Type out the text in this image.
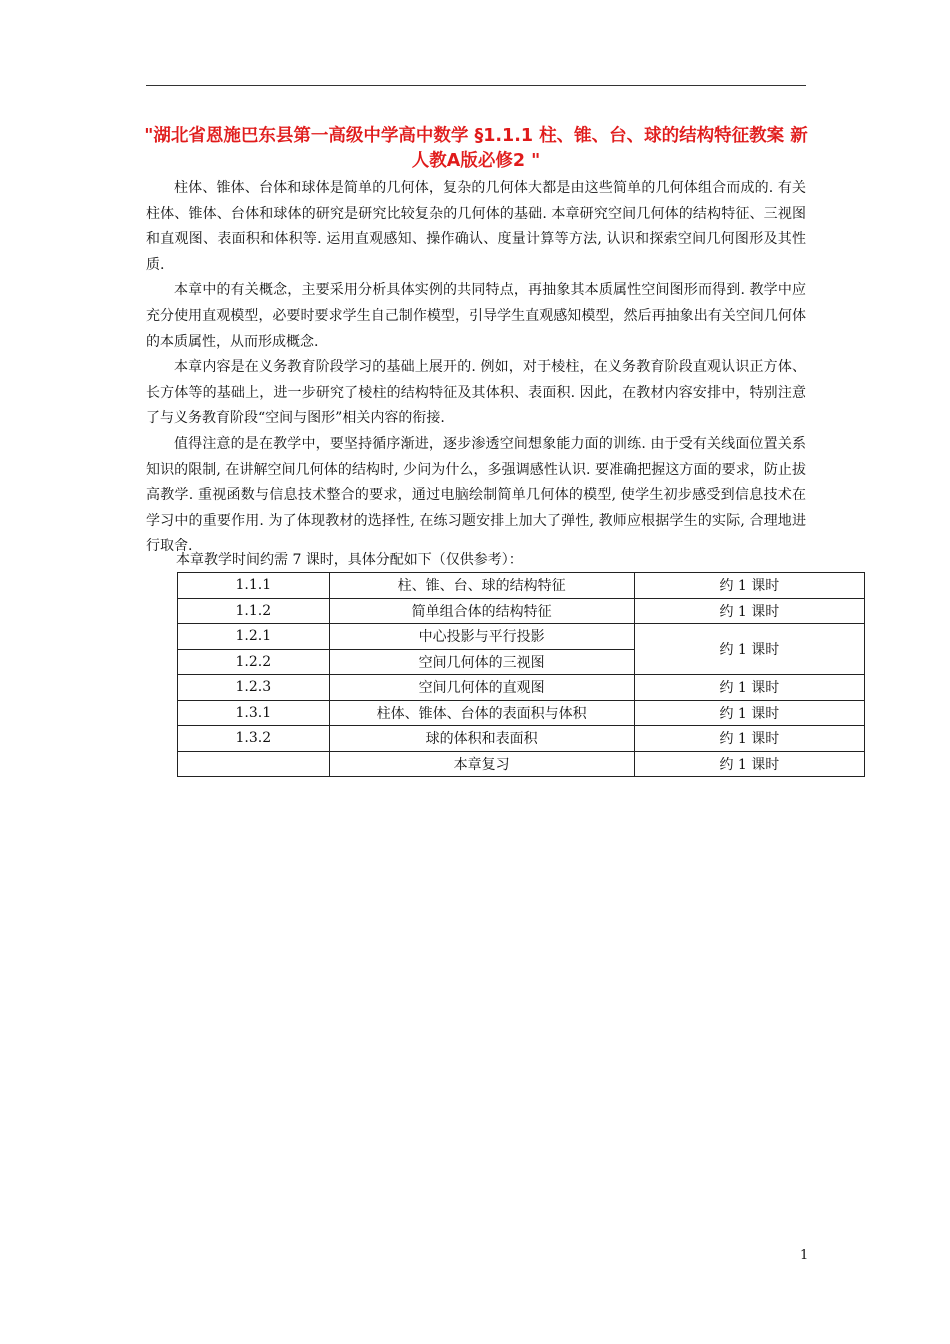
"湖北省恩施巴东县第一高级中学高中数学 §1.1.1 柱、锥、台、球的结构特征教案 新人教A版必修2 "

柱体、锥体、台体和球体是简单的几何体，复杂的几何体大都是由这些简单的几何体组合而成的. 有关柱体、锥体、台体和球体的研究是研究比较复杂的几何体的基础. 本章研究空间几何体的结构特征、三视图和直观图、表面积和体积等. 运用直观感知、操作确认、度量计算等方法, 认识和探索空间几何图形及其性质.

本章中的有关概念，主要采用分析具体实例的共同特点，再抽象其本质属性空间图形而得到. 教学中应充分使用直观模型，必要时要求学生自己制作模型，引导学生直观感知模型，然后再抽象出有关空间几何体的本质属性，从而形成概念.

本章内容是在义务教育阶段学习的基础上展开的. 例如，对于棱柱，在义务教育阶段直观认识正方体、长方体等的基础上，进一步研究了棱柱的结构特征及其体积、表面积. 因此，在教材内容安排中，特别注意了与义务教育阶段“空间与图形”相关内容的衔接.

值得注意的是在教学中，要坚持循序渐进，逐步渗透空间想象能力面的训练. 由于受有关线面位置关系知识的限制, 在讲解空间几何体的结构时, 少问为什么，多强调感性认识. 要准确把握这方面的要求，防止拔高教学. 重视函数与信息技术整合的要求，通过电脑绘制简单几何体的模型, 使学生初步感受到信息技术在学习中的重要作用. 为了体现教材的选择性, 在练习题安排上加大了弹性, 教师应根据学生的实际, 合理地进行取舍.

本章教学时间约需 7 课时，具体分配如下（仅供参考）：
1.1.1	柱、锥、台、球的结构特征	约 1 课时
1.1.2	简单组合体的结构特征	约 1 课时
1.2.1	中心投影与平行投影	约 1 课时
1.2.2	空间几何体的三视图	
1.2.3	空间几何体的直观图	约 1 课时
1.3.1	柱体、锥体、台体的表面积与体积	约 1 课时
1.3.2	球的体积和表面积	约 1 课时
	本章复习	约 1 课时
1
